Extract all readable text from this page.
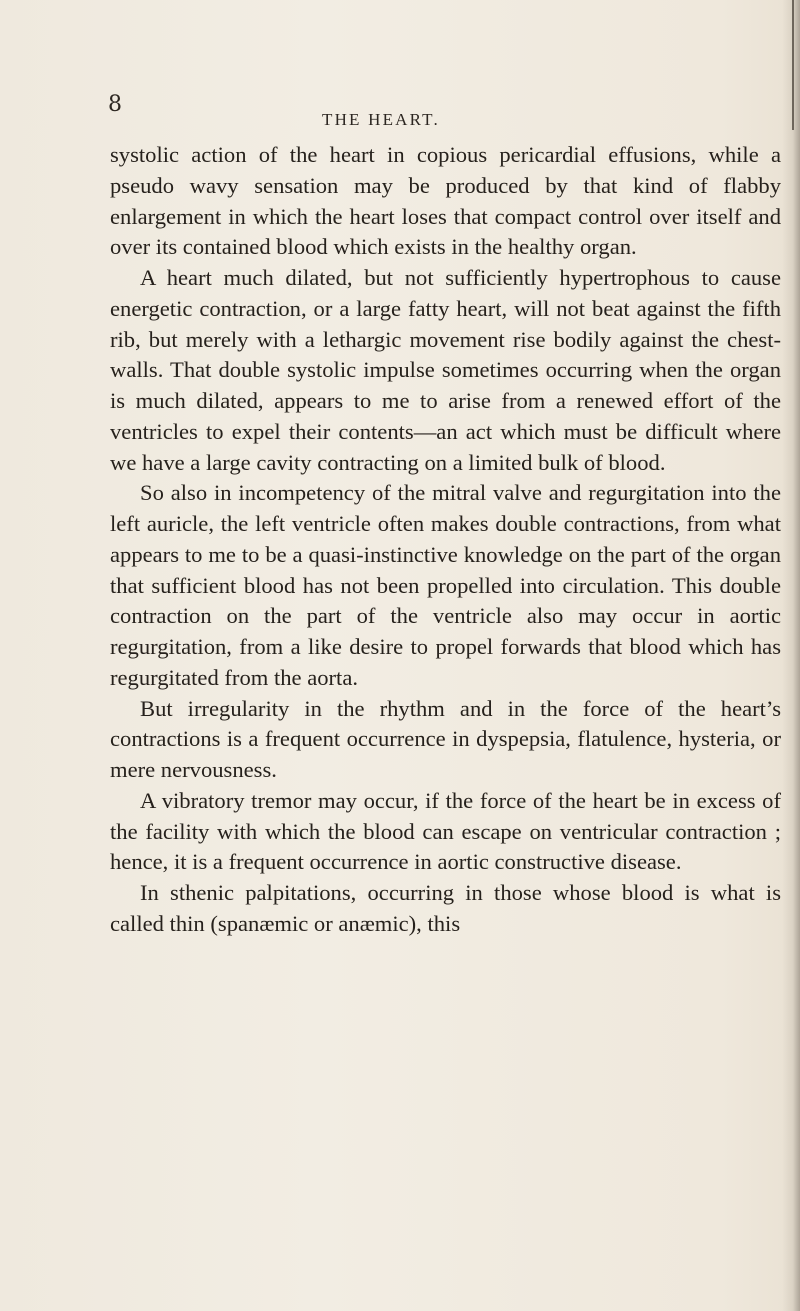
8
THE HEART.

systolic action of the heart in copious pericardial effusions, while a pseudo wavy sensation may be produced by that kind of flabby enlargement in which the heart loses that compact control over itself and over its contained blood which exists in the healthy organ.

A heart much dilated, but not sufficiently hypertrophous to cause energetic contraction, or a large fatty heart, will not beat against the fifth rib, but merely with a lethargic movement rise bodily against the chest-walls. That double systolic impulse sometimes occurring when the organ is much dilated, appears to me to arise from a renewed effort of the ventricles to expel their contents—an act which must be difficult where we have a large cavity contracting on a limited bulk of blood.

So also in incompetency of the mitral valve and regurgitation into the left auricle, the left ventricle often makes double contractions, from what appears to me to be a quasi-instinctive knowledge on the part of the organ that sufficient blood has not been propelled into circulation. This double contraction on the part of the ventricle also may occur in aortic regurgitation, from a like desire to propel forwards that blood which has regurgitated from the aorta.

But irregularity in the rhythm and in the force of the heart’s contractions is a frequent occurrence in dyspepsia, flatulence, hysteria, or mere nervousness.

A vibratory tremor may occur, if the force of the heart be in excess of the facility with which the blood can escape on ventricular contraction ; hence, it is a frequent occurrence in aortic constructive disease.

In sthenic palpitations, occurring in those whose blood is what is called thin (spanæmic or anæmic), this
